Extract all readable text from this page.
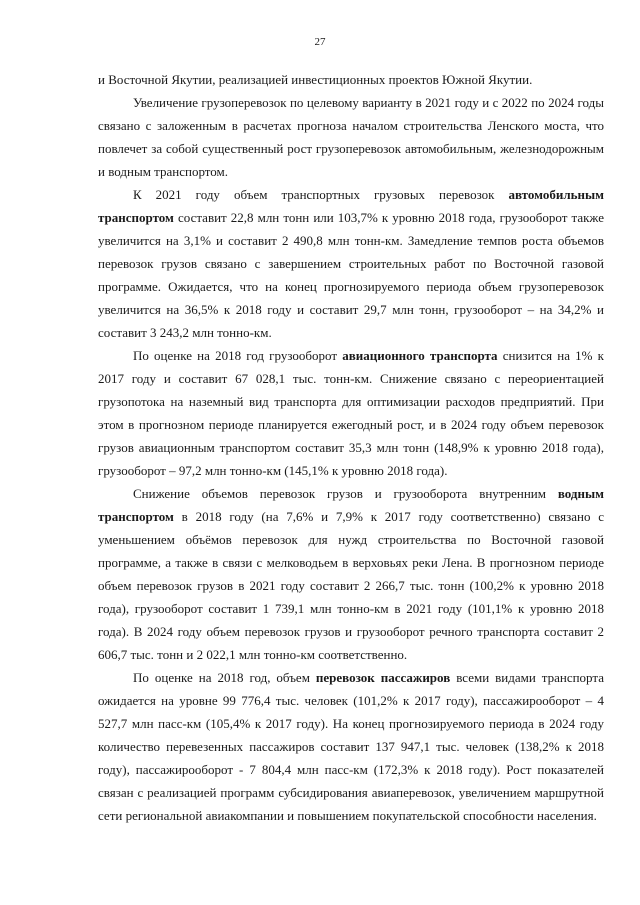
27

и Восточной Якутии, реализацией инвестиционных проектов Южной Якутии.

Увеличение грузоперевозок по целевому варианту в 2021 году и с 2022 по 2024 годы связано с заложенным в расчетах прогноза началом строительства Ленского моста, что повлечет за собой существенный рост грузоперевозок автомобильным, железнодорожным и водным транспортом.

К 2021 году объем транспортных грузовых перевозок автомобильным транспортом составит 22,8 млн тонн или 103,7% к уровню 2018 года, грузооборот также увеличится на 3,1% и составит 2 490,8 млн тонн-км. Замедление темпов роста объемов перевозок грузов связано с завершением строительных работ по Восточной газовой программе. Ожидается, что на конец прогнозируемого периода объем грузоперевозок увеличится на 36,5% к 2018 году и составит 29,7 млн тонн, грузооборот – на 34,2% и составит 3 243,2 млн тонно-км.

По оценке на 2018 год грузооборот авиационного транспорта снизится на 1% к 2017 году и составит 67 028,1 тыс. тонн-км. Снижение связано с переориентацией грузопотока на наземный вид транспорта для оптимизации расходов предприятий. При этом в прогнозном периоде планируется ежегодный рост, и в 2024 году объем перевозок грузов авиационным транспортом составит 35,3 млн тонн (148,9% к уровню 2018 года), грузооборот – 97,2 млн тонно-км (145,1% к уровню 2018 года).

Снижение объемов перевозок грузов и грузооборота внутренним водным транспортом в 2018 году (на 7,6% и 7,9% к 2017 году соответственно) связано с уменьшением объёмов перевозок для нужд строительства по Восточной газовой программе, а также в связи с мелководьем в верховьях реки Лена. В прогнозном периоде объем перевозок грузов в 2021 году составит 2 266,7 тыс. тонн (100,2% к уровню 2018 года), грузооборот составит 1 739,1 млн тонно-км в 2021 году (101,1% к уровню 2018 года). В 2024 году объем перевозок грузов и грузооборот речного транспорта составит 2 606,7 тыс. тонн и 2 022,1 млн тонно-км соответственно.

По оценке на 2018 год, объем перевозок пассажиров всеми видами транспорта ожидается на уровне 99 776,4 тыс. человек (101,2% к 2017 году), пассажирооборот – 4 527,7 млн пасс-км (105,4% к 2017 году). На конец прогнозируемого периода в 2024 году количество перевезенных пассажиров составит 137 947,1 тыс. человек (138,2% к 2018 году), пассажирооборот - 7 804,4 млн пасс-км (172,3% к 2018 году). Рост показателей связан с реализацией программ субсидирования авиаперевозок, увеличением маршрутной сети региональной авиакомпании и повышением покупательской способности населения.
